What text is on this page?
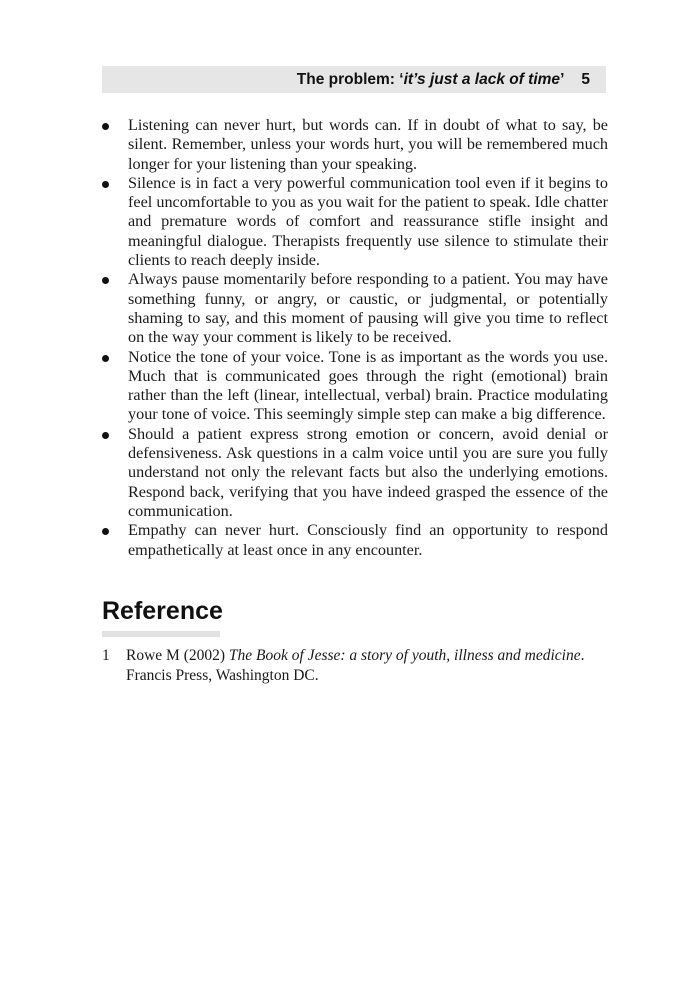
The problem: ‘it’s just a lack of time’ 5
Listening can never hurt, but words can. If in doubt of what to say, be silent. Remember, unless your words hurt, you will be remembered much longer for your listening than your speaking.
Silence is in fact a very powerful communication tool even if it begins to feel uncomfortable to you as you wait for the patient to speak. Idle chatter and premature words of comfort and reassurance stifle insight and meaningful dialogue. Therapists frequently use silence to stimulate their clients to reach deeply inside.
Always pause momentarily before responding to a patient. You may have something funny, or angry, or caustic, or judgmental, or potentially shaming to say, and this moment of pausing will give you time to reflect on the way your comment is likely to be received.
Notice the tone of your voice. Tone is as important as the words you use. Much that is communicated goes through the right (emotional) brain rather than the left (linear, intellectual, verbal) brain. Practice modulating your tone of voice. This seemingly simple step can make a big difference.
Should a patient express strong emotion or concern, avoid denial or defensiveness. Ask questions in a calm voice until you are sure you fully understand not only the relevant facts but also the underlying emotions. Respond back, verifying that you have indeed grasped the essence of the communication.
Empathy can never hurt. Consciously find an opportunity to respond empathetically at least once in any encounter.
Reference
1 Rowe M (2002) The Book of Jesse: a story of youth, illness and medicine. Francis Press, Washington DC.
